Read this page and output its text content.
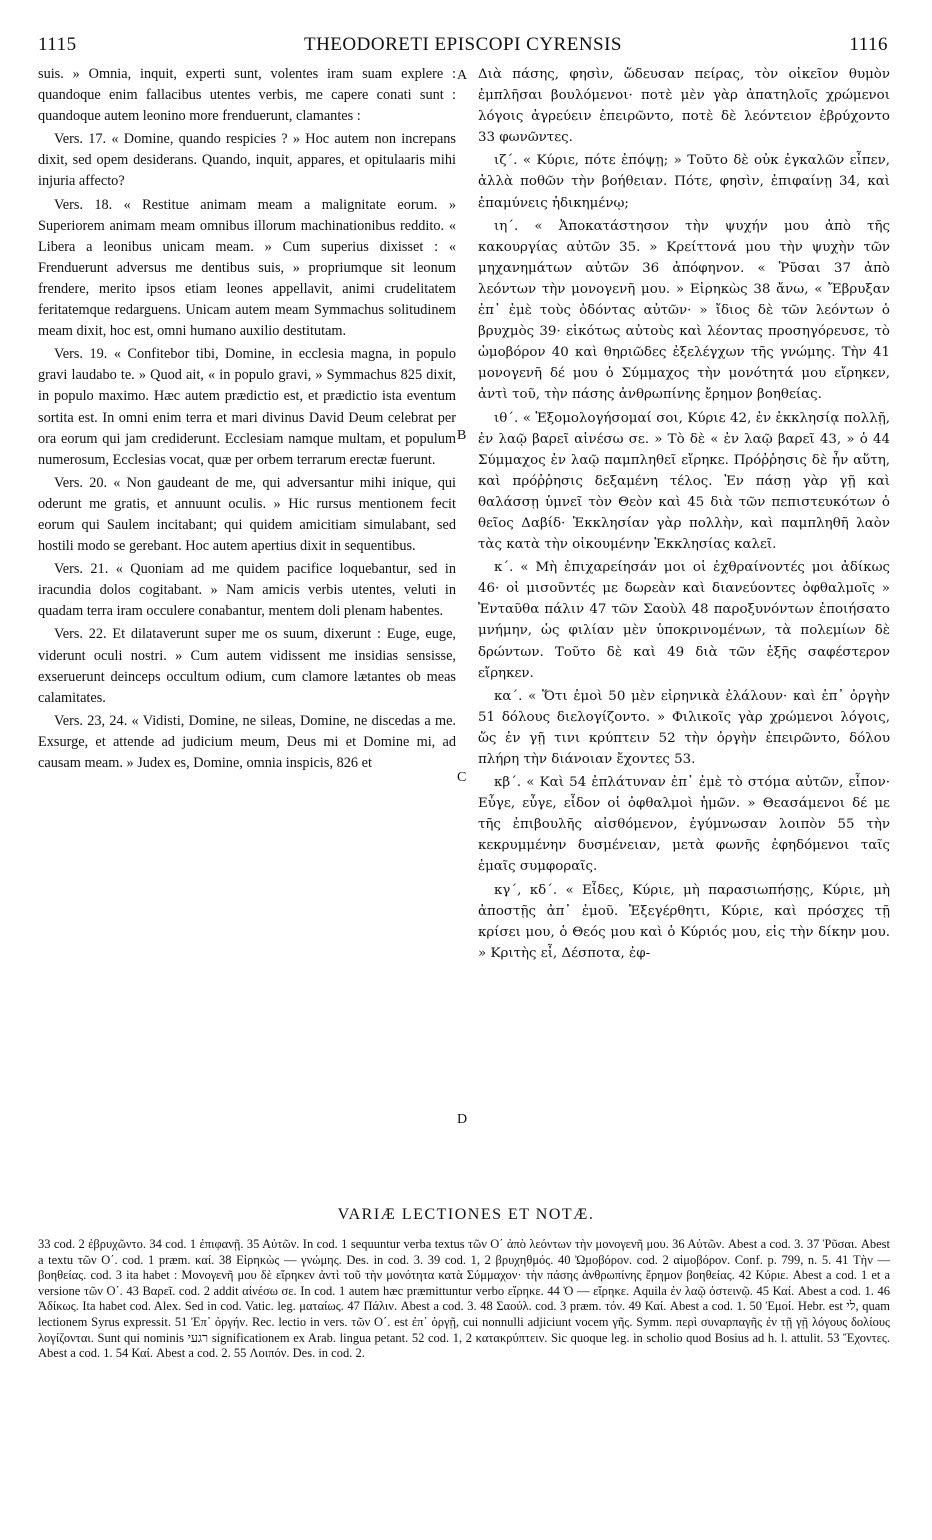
1115	THEODORETI EPISCOPI CYRENSIS	1116

suis. » Omnia, inquit, experti sunt, volentes iram suam explere : quandoque enim fallacibus utentes verbis, me capere conati sunt : quandoque autem leonino more frenduerunt, clamantes :

Vers. 17. « Domine, quando respicies ? » Hoc autem non increpans dixit, sed opem desiderans. Quando, inquit, appares, et opitulaaris mihi injuria affecto?

Vers. 18. « Restitue animam meam a malignitate eorum. » Superiorem animam meam omnibus illorum machinationibus reddito. « Libera a leonibus unicam meam. » Cum superius dixisset : « Frenduerunt adversus me dentibus suis, » propriumque sit leonum frendere, merito ipsos etiam leones appellavit, animi crudelitatem feritatemque redarguens. Unicam autem meam Symmachus solitudinem meam dixit, hoc est, omni humano auxilio destitutam.

Vers. 19. « Confitebor tibi, Domine, in ecclesia magna, in populo gravi laudabo te. » Quod ait, « in populo gravi, » Symmachus 825 dixit, in populo maximo. Hæc autem prædictio est, et prædictio ista eventum sortita est. In omni enim terra et mari divinus David Deum celebrat per ora eorum qui jam crediderunt. Ecclesiam namque multam, et populum numerosum, Ecclesias vocat, quæ per orbem terrarum erectæ fuerunt.

Vers. 20. « Non gaudeant de me, qui adversantur mihi inique, qui oderunt me gratis, et annuunt oculis. » Hic rursus mentionem fecit eorum qui Saulem incitabant; qui quidem amicitiam simulabant, sed hostili modo se gerebant. Hoc autem apertius dixit in sequentibus.

Vers. 21. « Quoniam ad me quidem pacifice loquebantur, sed in iracundia dolos cogitabant. » Nam amicis verbis utentes, veluti in quadam terra iram occulere conabantur, mentem doli plenam habentes.

Vers. 22. Et dilataverunt super me os suum, dixerunt : Euge, euge, viderunt oculi nostri. » Cum autem vidissent me insidias sensisse, exseruerunt deinceps occultum odium, cum clamore lætantes ob meas calamitates.

Vers. 23, 24. « Vidisti, Domine, ne sileas, Domine, ne discedas a me. Exsurge, et attende ad judicium meum, Deus mi et Domine mi, ad causam meam. » Judex es, Domine, omnia inspicis, 826 et

A
B
C
D

Διὰ πάσης, φησὶν, ὥδευσαν πείρας, τὸν οἰκεῖον θυμὸν ἐμπλῆσαι βουλόμενοι· ποτὲ μὲν γὰρ ἀπατηλοῖς χρώμενοι λόγοις ἀγρεύειν ἐπειρῶντο, ποτὲ δὲ λεόντειον ἐβρύχοντο 33 φωνῶντες.

ιζ΄. « Κύριε, πότε ἐπόψῃ; » Τοῦτο δὲ οὐκ ἐγκαλῶν εἶπεν, ἀλλὰ ποθῶν τὴν βοήθειαν. Πότε, φησὶν, ἐπιφαίνῃ 34, καὶ ἐπαμύνεις ἠδικημένῳ;

ιη΄. « Ἀποκατάστησον τὴν ψυχήν μου ἀπὸ τῆς κακουργίας αὐτῶν 35. » Κρείττονά μου τὴν ψυχὴν τῶν μηχανημάτων αὐτῶν 36 ἀπόφηνον. « Ῥῦσαι 37 ἀπὸ λεόντων τὴν μονογενῆ μου. » Εἰρηκὼς 38 ἄνω, « Ἔβρυξαν ἐπ᾽ ἐμὲ τοὺς ὀδόντας αὐτῶν· » ἴδιος δὲ τῶν λεόντων ὁ βρυχμὸς 39· εἰκότως αὐτοὺς καὶ λέοντας προσηγόρευσε, τὸ ὠμοβόρον 40 καὶ θηριῶδες ἐξελέγχων τῆς γνώμης. Τὴν 41 μονογενῆ δέ μου ὁ Σύμμαχος τὴν μονότητά μου εἴρηκεν, ἀντὶ τοῦ, τὴν πάσης ἀνθρωπίνης ἔρημον βοηθείας.

ιθ΄. « Ἐξομολογήσομαί σοι, Κύριε 42, ἐν ἐκκλησίᾳ πολλῇ, ἐν λαῷ βαρεῖ αἰνέσω σε. » Τὸ δὲ « ἐν λαῷ βαρεῖ 43, » ὁ 44 Σύμμαχος ἐν λαῷ παμπληθεῖ εἴρηκε. Πρόῤῥησις δὲ ἦν αὕτη, καὶ πρόῤῥησις δεξαμένη τέλος. Ἐν πάσῃ γὰρ γῇ καὶ θαλάσσῃ ὑμνεῖ τὸν Θεὸν καὶ 45 διὰ τῶν πεπιστευκότων ὁ θεῖος Δαβίδ· Ἐκκλησίαν γὰρ πολλὴν, καὶ παμπληθῆ λαὸν τὰς κατὰ τὴν οἰκουμένην Ἐκκλησίας καλεῖ.

κ΄. « Μὴ ἐπιχαρείησάν μοι οἱ ἐχθραίνοντές μοι ἀδίκως 46· οἱ μισοῦντές με δωρεὰν καὶ διανεύοντες ὀφθαλμοῖς » Ἐνταῦθα πάλιν 47 τῶν Σαοὺλ 48 παροξυνόντων ἐποιήσατο μνήμην, ὡς φιλίαν μὲν ὑποκρινομένων, τὰ πολεμίων δὲ δρώντων. Τοῦτο δὲ καὶ 49 διὰ τῶν ἑξῆς σαφέστερον εἴρηκεν.

κα΄. « Ὅτι ἐμοὶ 50 μὲν εἰρηνικὰ ἐλάλουν· καὶ ἐπ᾽ ὀργὴν 51 δόλους διελογίζοντο. » Φιλικοῖς γὰρ χρώμενοι λόγοις, ὥς ἐν γῇ τινι κρύπτειν 52 τὴν ὀργὴν ἐπειρῶντο, δόλου πλήρη τὴν διάνοιαν ἔχοντες 53.

κβ΄. « Καὶ 54 ἐπλάτυναν ἐπ᾽ ἐμὲ τὸ στόμα αὐτῶν, εἶπον· Εὖγε, εὖγε, εἶδον οἱ ὀφθαλμοὶ ἡμῶν. » Θεασάμενοι δέ με τῆς ἐπιβουλῆς αἰσθόμενον, ἐγύμνωσαν λοιπὸν 55 τὴν κεκρυμμένην δυσμένειαν, μετὰ φωνῆς ἐφηδόμενοι ταῖς ἐμαῖς συμφοραῖς.

κγ΄, κδ΄. « Εἶδες, Κύριε, μὴ παρασιωπήσῃς, Κύριε, μὴ ἀποστῇς ἀπ᾽ ἐμοῦ. Ἐξεγέρθητι, Κύριε, καὶ πρόσχες τῇ κρίσει μου, ὁ Θεός μου καὶ ὁ Κύριός μου, εἰς τὴν δίκην μου. » Κριτὴς εἶ, Δέσποτα, ἐφ-

VARIÆ LECTIONES ET NOTÆ.
33 cod. 2 ἐβρυχῶντο. 34 cod. 1 ἐπιφανῇ. 35 Αὐτῶν. In cod. 1 sequuntur verba textus τῶν Ο΄ ἀπὸ λεόντων τὴν μονογενῆ μου. 36 Αὐτῶν. Abest a cod. 3. 37 Ῥῦσαι. Abest a textu τῶν Ο΄. cod. 1 præm. καί. 38 Εἰρηκὼς — γνώμης. Des. in cod. 3. 39 cod. 1, 2 βρυχηθμός. 40 Ὠμοβόρον. cod. 2 αἱμοβόρον. Conf. p. 799, n. 5. 41 Τὴν — βοηθείας. cod. 3 ita habet : Μονογενῆ μου δὲ εἴρηκεν ἀντὶ τοῦ τὴν μονότητα κατὰ Σύμμαχον· τὴν πάσης ἀνθρωπίνης ἔρημον βοηθείας. 42 Κύριε. Abest a cod. 1 et a versione τῶν Ο΄. 43 Βαρεῖ. cod. 2 addit αἰνέσω σε. In cod. 1 autem hæc præmittuntur verbo εἴρηκε. 44 Ὁ — εἴρηκε. Aquila ἐν λαῷ ὀστεινῷ. 45 Καί. Abest a cod. 1. 46 Ἀδίκως. Ita habet cod. Alex. Sed in cod. Vatic. leg. ματαίως. 47 Πάλιν. Abest a cod. 3. 48 Σαούλ. cod. 3 præm. τόν. 49 Καί. Abest a cod. 1. 50 Ἐμοί. Hebr. est לי, quam lectionem Syrus expressit. 51 Ἐπ᾽ ὀργήν. Rec. lectio in vers. τῶν Ο΄. est ἐπ᾽ ὀργῇ, cui nonnulli adjiciunt vocem γῆς. Symm. περὶ συναρπαγῆς ἐν τῇ γῇ λόγους δολίους λογίζονται. Sunt qui nominis רגעי significationem ex Arab. lingua petant. 52 cod. 1, 2 κατακρύπτειν. Sic quoque leg. in scholio quod Bosius ad h. l. attulit. 53 Ἔχοντες. Abest a cod. 1. 54 Καί. Abest a cod. 2. 55 Λοιπόν. Des. in cod. 2.
